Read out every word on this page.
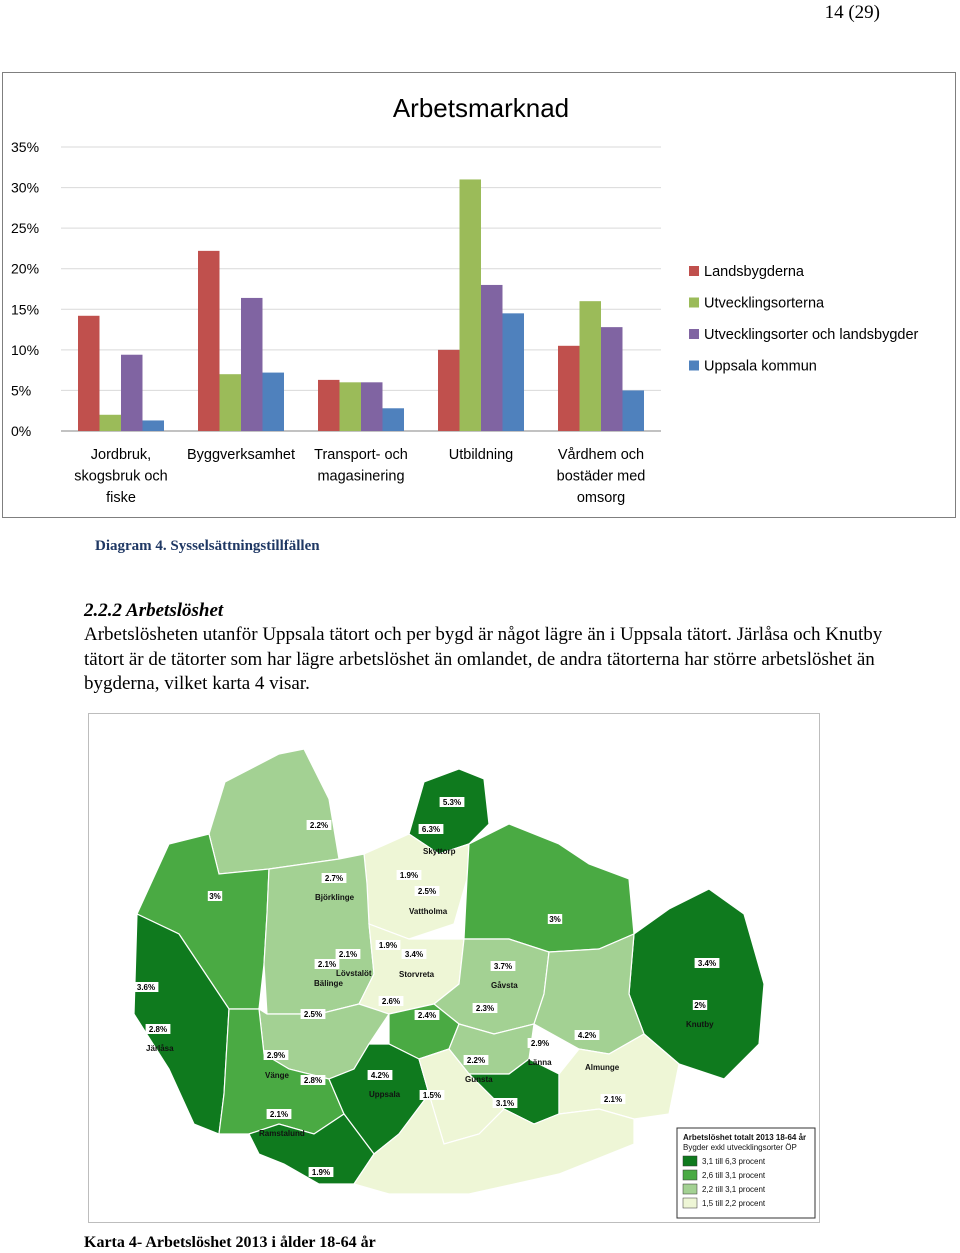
14 (29)
Arbetsmarknad
0%
5%
10%
15%
20%
25%
30%
35%
Jordbruk,
skogsbruk och
fiske
Byggverksamhet Transport- och
magasinering
Utbildning	Vårdhem och
bostäder med
omsorg
Landsbygderna
Utvecklingsorterna
Utvecklingsorter och landsbygder
Uppsala kommun
Diagram 4. Sysselsättningstillfällen
2.2.2 Arbetslöshet
Arbetslösheten utanför Uppsala tätort och per bygd är något lägre än i Uppsala tätort. Järlåsa och Knutby tätort är de tätorter som har lägre arbetslöshet än omlandet, de andra tätorterna har större arbetslöshet än bygderna, vilket karta 4 visar.
Arbetslöshet totalt 2013 18-64 år
Bygder exkl utvecklingsorter ÖP
3,1 till 6,3 procent
2,6 till 3,1 procent
2,2 till 3,1 procent
1,5 till 2,2 procent
2.2%
5.3%
6.3%
3%
2.7%	1.9%
2.5%
3%
3.6%
2.8%
2.1%
2.1%
1.9%
3.4%
3.7%	3.4%
2%
2.5%
2.6%
2.4%
2.3%
4.2%
2.9%
2.9%
2.8%
4.2%
2.2%
1.5%
3.1%	2.1%
2.1%
1.9%
Skyttorp
Björklinge
Vattholma
Lövstalöt
Bälinge
Storvreta
Gåvsta
Knutby
Järlåsa
Länna
Almunge
Vänge
Uppsala
Gunsta
Ramstalund
Karta 4- Arbetslöshet 2013 i ålder 18-64 år
